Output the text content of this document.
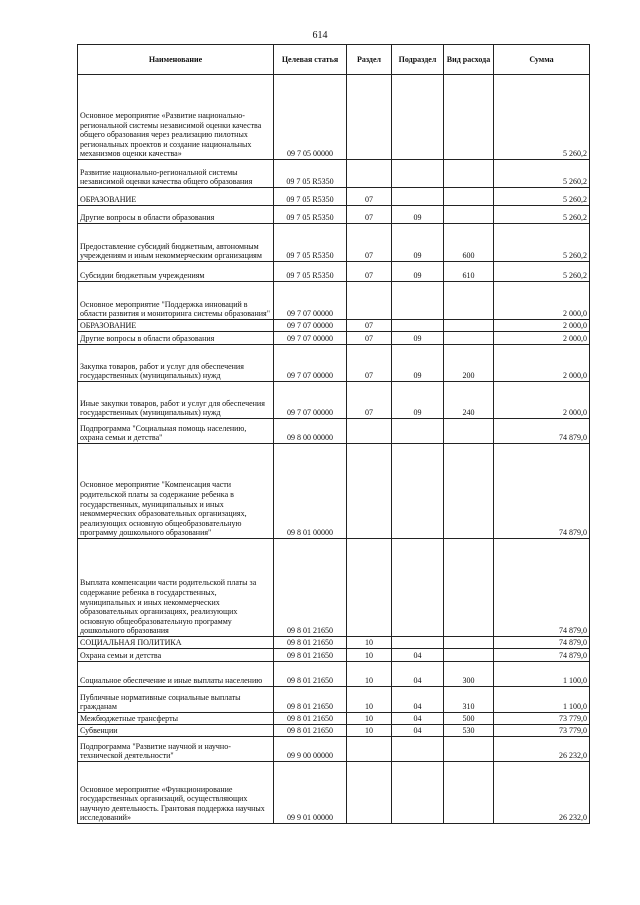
614
Наименование	Целевая статья	Раздел	Подраздел	Вид расхода	Сумма
Основное мероприятие «Развитие национально-региональной системы независимой оценки качества общего образования через реализацию пилотных региональных проектов и создание национальных механизмов оценки качества»	09 7 05 00000				5 260,2
Развитие национально-региональной системы независимой оценки качества общего образования	09 7 05 R5350				5 260,2
ОБРАЗОВАНИЕ	09 7 05 R5350	07			5 260,2
Другие вопросы в области образования	09 7 05 R5350	07	09		5 260,2
Предоставление субсидий бюджетным, автономным учреждениям и иным некоммерческим организациям	09 7 05 R5350	07	09	600	5 260,2
Субсидии бюджетным учреждениям	09 7 05 R5350	07	09	610	5 260,2
Основное мероприятие "Поддержка инноваций в области развития и мониторинга системы образования"	09 7 07 00000				2 000,0
ОБРАЗОВАНИЕ	09 7 07 00000	07			2 000,0
Другие вопросы в области образования	09 7 07 00000	07	09		2 000,0
Закупка товаров, работ и услуг для обеспечения государственных (муниципальных) нужд	09 7 07 00000	07	09	200	2 000,0
Иные закупки товаров, работ и услуг для обеспечения государственных (муниципальных) нужд	09 7 07 00000	07	09	240	2 000,0
Подпрограмма "Социальная помощь населению, охрана семьи и детства"	09 8 00 00000				74 879,0
Основное мероприятие "Компенсация части родительской платы за содержание ребенка в государственных, муниципальных и иных некоммерческих образовательных организациях, реализующих основную общеобразовательную программу дошкольного образования"	09 8 01 00000				74 879,0
Выплата компенсации части родительской платы за содержание ребенка в государственных, муниципальных и иных некоммерческих образовательных организациях, реализующих основную общеобразовательную программу дошкольного образования	09 8 01 21650				74 879,0
СОЦИАЛЬНАЯ ПОЛИТИКА	09 8 01 21650	10			74 879,0
Охрана семьи и детства	09 8 01 21650	10	04		74 879,0
Социальное обеспечение и иные выплаты населению	09 8 01 21650	10	04	300	1 100,0
Публичные нормативные социальные выплаты гражданам	09 8 01 21650	10	04	310	1 100,0
Межбюджетные трансферты	09 8 01 21650	10	04	500	73 779,0
Субвенции	09 8 01 21650	10	04	530	73 779,0
Подпрограмма "Развитие научной и научно-технической деятельности"	09 9 00 00000				26 232,0
Основное мероприятие «Функционирование государственных организаций, осуществляющих научную деятельность. Грантовая поддержка научных исследований»	09 9 01 00000				26 232,0
